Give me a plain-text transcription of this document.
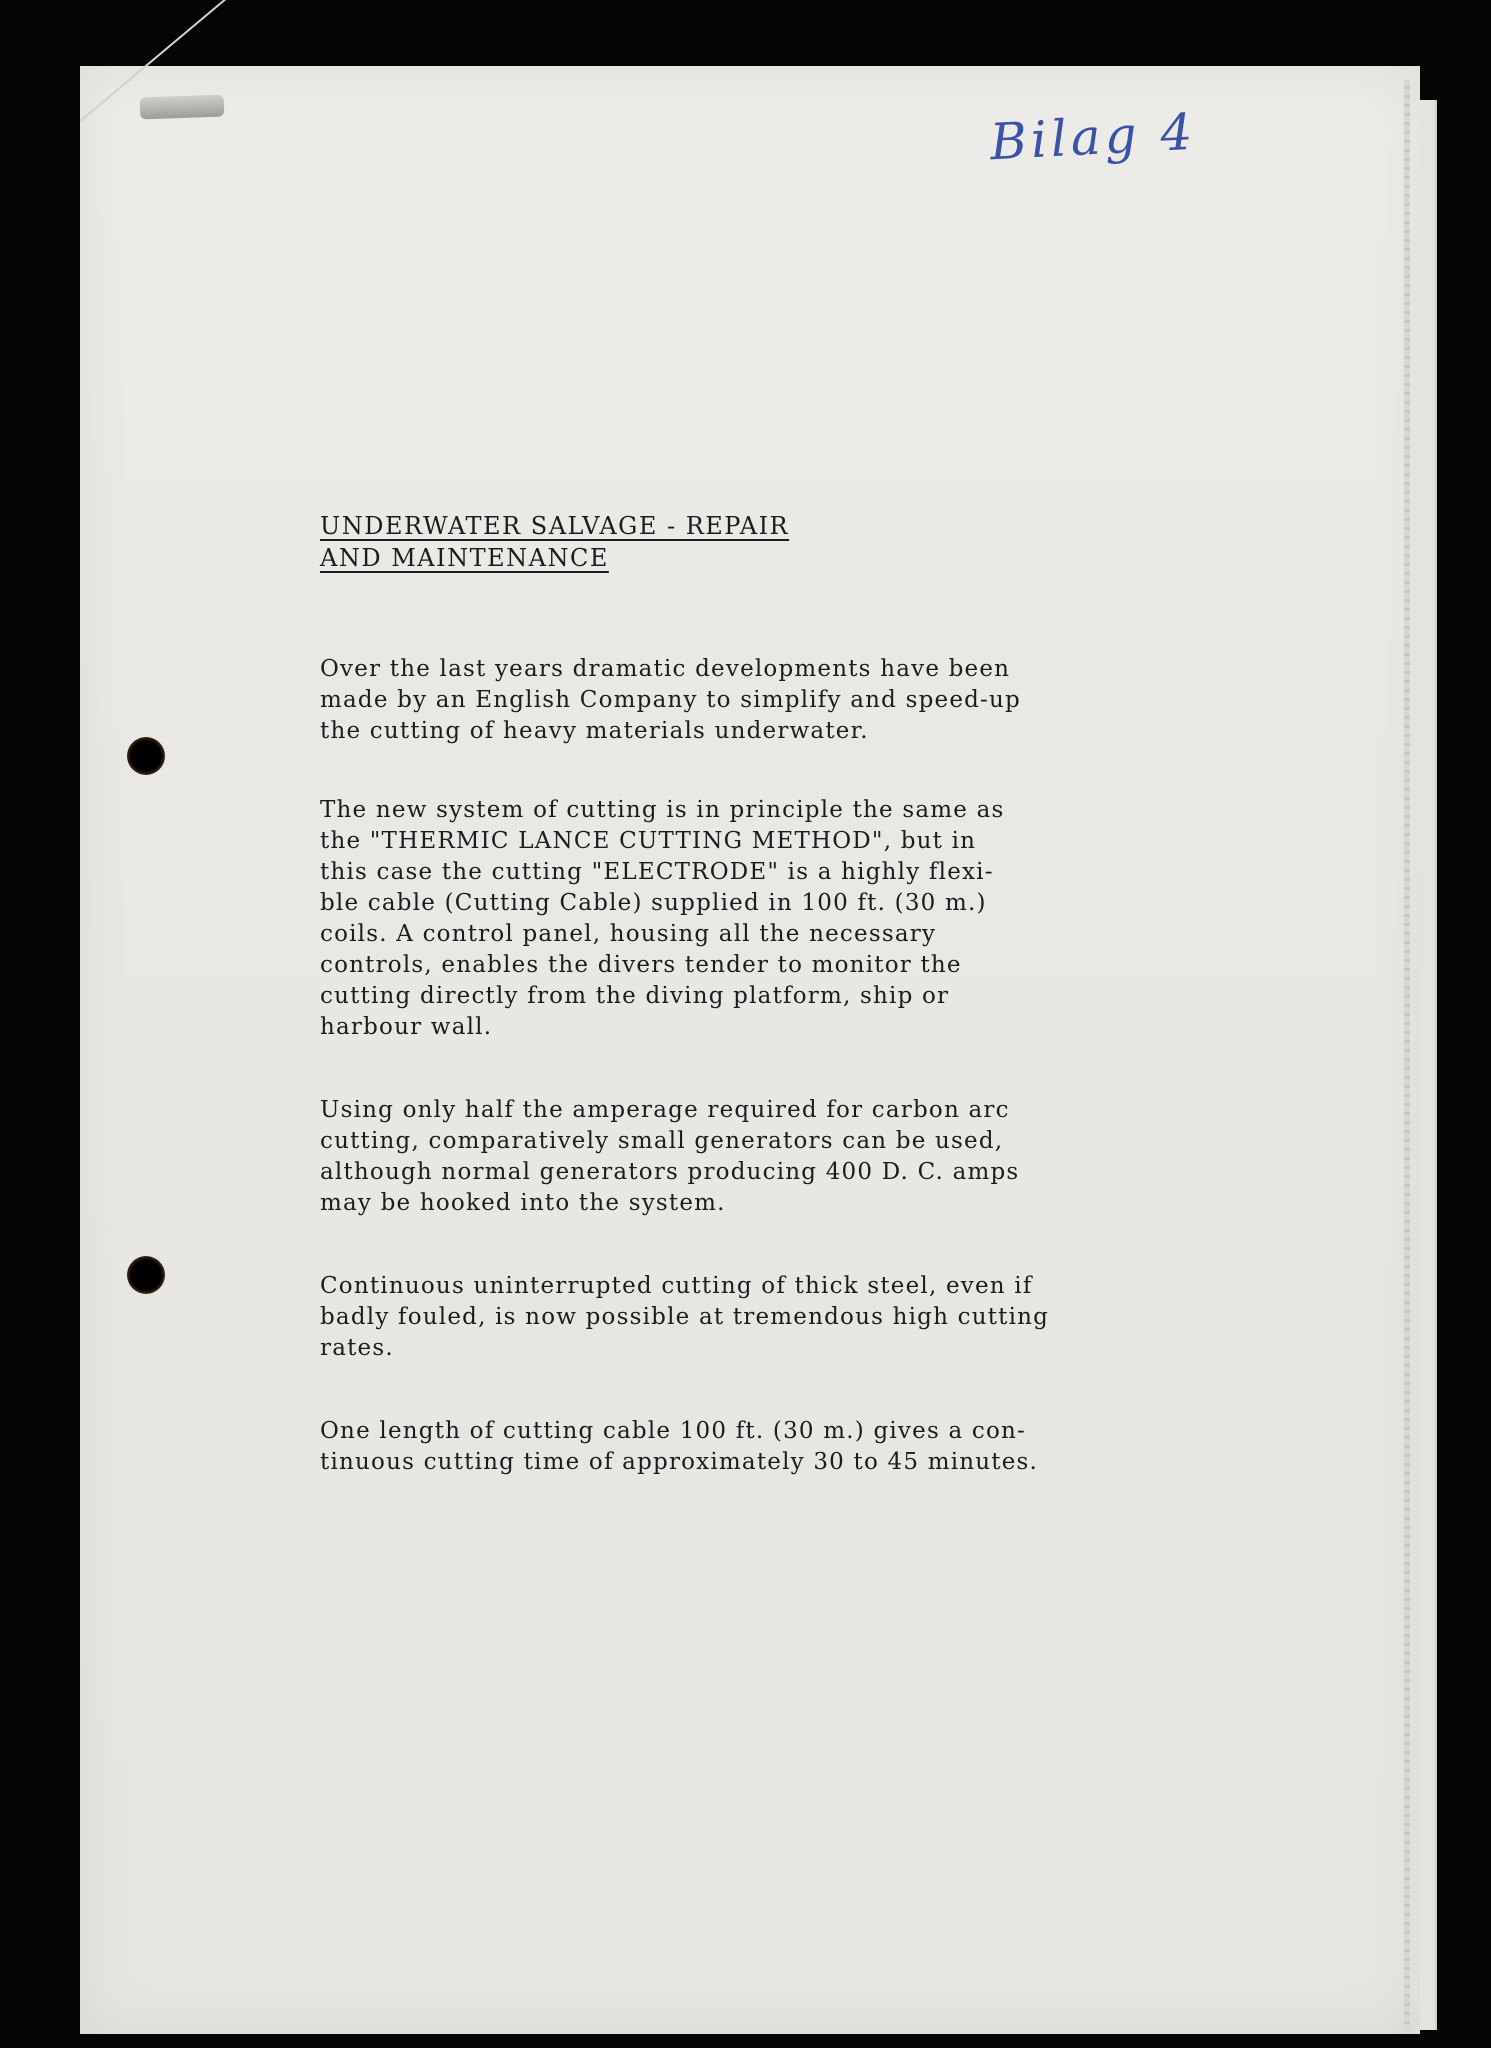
Bilag 4
UNDERWATER SALVAGE - REPAIR
AND MAINTENANCE

Over the last years dramatic developments have been
made by an English Company to simplify and speed-up
the cutting of heavy materials underwater.

The new system of cutting is in principle the same as
the "THERMIC LANCE CUTTING METHOD", but in
this case the cutting "ELECTRODE" is a highly flexi-
ble cable (Cutting Cable) supplied in 100 ft. (30 m.)
coils. A control panel, housing all the necessary
controls, enables the divers tender to monitor the
cutting directly from the diving platform, ship or
harbour wall.

Using only half the amperage required for carbon arc
cutting, comparatively small generators can be used,
although normal generators producing 400 D. C. amps
may be hooked into the system.

Continuous uninterrupted cutting of thick steel, even if
badly fouled, is now possible at tremendous high cutting
rates.

One length of cutting cable 100 ft. (30 m.) gives a con-
tinuous cutting time of approximately 30 to 45 minutes.
